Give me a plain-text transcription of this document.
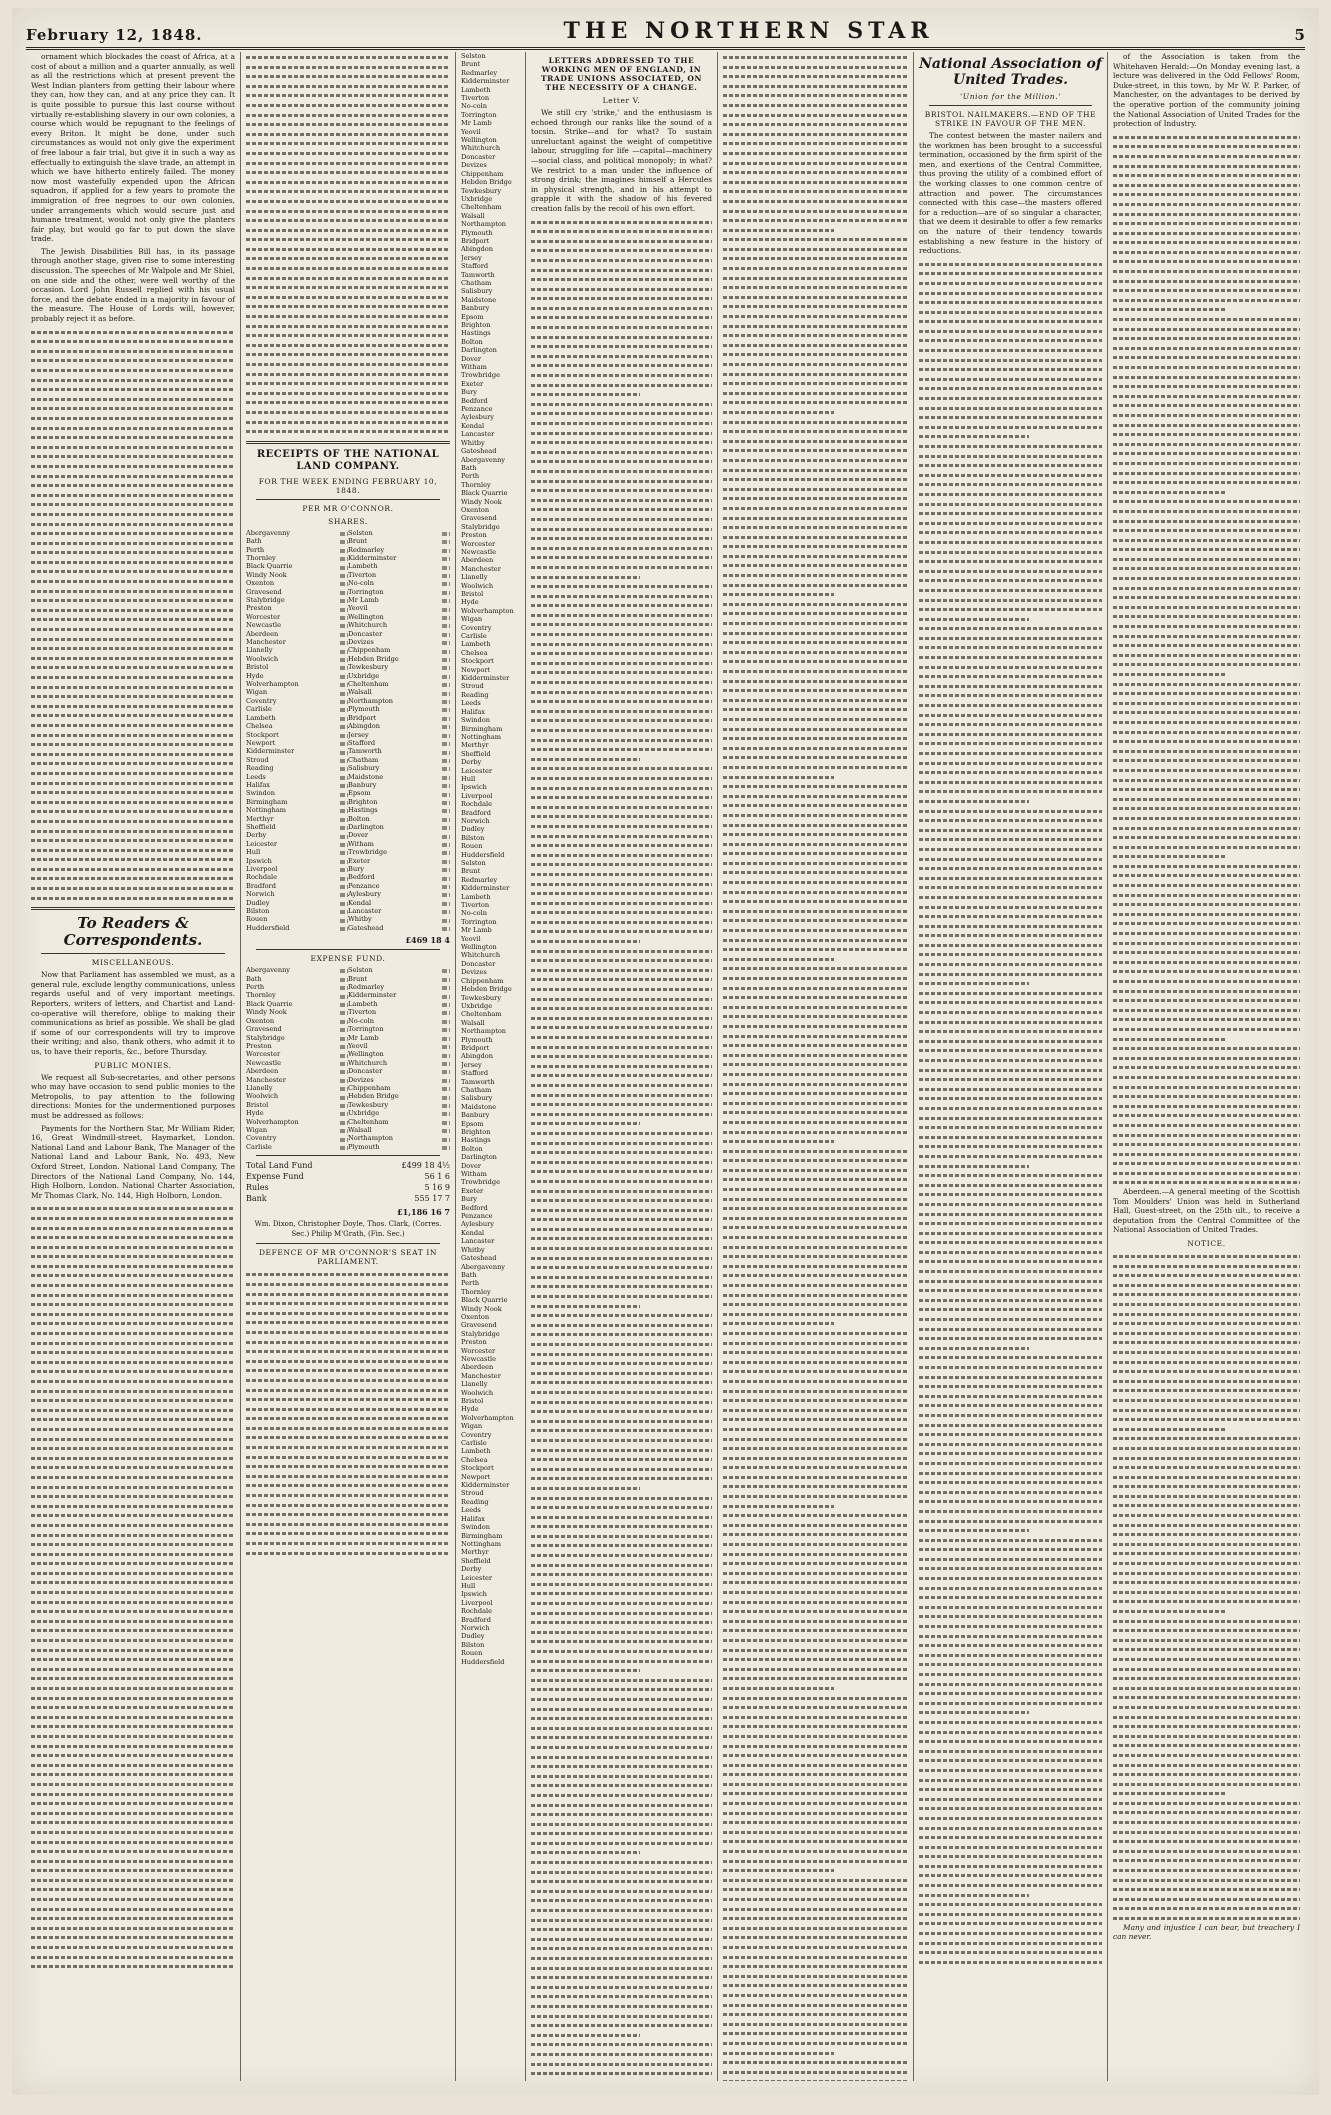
February 12, 1848.	THE NORTHERN STAR	5

ornament which blockades the coast of Africa, at a cost of about a million and a quarter annually, as well as all the restrictions which at present prevent the West Indian planters from getting their labour where they can, how they can, and at any price they can. It is quite possible to pursue this last course without virtually re-establishing slavery in our own colonies, a course which would be repugnant to the feelings of every Briton. It might be done, under such circumstances as would not only give the experiment of free labour a fair trial, but give it in such a way as effectually to extinguish the slave trade, an attempt in which we have hitherto entirely failed. The money now most wastefully expended upon the African squadron, if applied for a few years to promote the immigration of free negroes to our own colonies, under arrangements which would secure just and humane treatment, would not only give the planters fair play, but would go far to put down the slave trade.

The Jewish Disabilities Bill has, in its passage through another stage, given rise to some interesting discussion. The speeches of Mr Walpole and Mr Shiel, on one side and the other, were well worthy of the occasion. Lord John Russell replied with his usual force, and the debate ended in a majority in favour of the measure. The House of Lords will, however, probably reject it as before.

To Readers & Correspondents.
MISCELLANEOUS.

Now that Parliament has assembled we must, as a general rule, exclude lengthy communications, unless regards useful and of very important meetings. Reporters, writers of letters, and Chartist and Land-co-operative will therefore, oblige to making their communications as brief as possible. We shall be glad if some of our correspondents will try to improve their writing; and also, thank others, who admit it to us, to have their reports, &c., before Thursday.

PUBLIC MONIES.

We request all Sub-secretaries, and other persons who may have occasion to send public monies to the Metropolis, to pay attention to the following directions: Monies for the undermentioned purposes must be addressed as follows:

Payments for the Northern Star, Mr William Rider, 16, Great Windmill-street, Haymarket, London. National Land and Labour Bank, The Manager of the National Land and Labour Bank, No. 493, New Oxford Street, London. National Land Company, The Directors of the National Land Company, No. 144, High Holborn, London. National Charter Association, Mr Thomas Clark, No. 144, High Holborn, London.

RECEIPTS OF THE NATIONAL LAND COMPANY.
FOR THE WEEK ENDING FEBRUARY 10, 1848.
PER MR O'CONNOR.
SHARES.
Abergavenny		Selston	

Bath		Brunt	

Perth		Redmarley	

Thornley		Kidderminster	

Black Quarrie		Lambeth	

Windy Nook		Tiverton	

Oxenton		No-coln	

Gravesend		Torrington	

Stalybridge		Mr Lamb	

Preston		Yeovil	

Worcester		Wellington	

Newcastle		Whitchurch	

Aberdeen		Doncaster	

Manchester		Devizes	

Llanelly		Chippenham	

Woolwich		Hebden Bridge	

Bristol		Tewkesbury	

Hyde		Uxbridge	

Wolverhampton		Cheltenham	

Wigan		Walsall	

Coventry		Northampton	

Carlisle		Plymouth	

Lambeth		Bridport	

Chelsea		Abingdon	

Stockport		Jersey	

Newport		Stafford	

Kidderminster		Tamworth	

Stroud		Chatham	

Reading		Salisbury	

Leeds		Maidstone	

Halifax		Banbury	

Swindon		Epsom	

Birmingham		Brighton	

Nottingham		Hastings	

Merthyr		Bolton	

Sheffield		Darlington	

Derby		Dover	

Leicester		Witham	

Hull		Trowbridge	

Ipswich		Exeter	

Liverpool		Bury	

Rochdale		Bedford	

Bradford		Penzance	

Norwich		Aylesbury	

Dudley		Kendal	

Bilston		Lancaster	

Rouen		Whitby	

Huddersfield		Gateshead	
£469 18 4
EXPENSE FUND.
Abergavenny		Selston	

Bath		Brunt	

Perth		Redmarley	

Thornley		Kidderminster	

Black Quarrie		Lambeth	

Windy Nook		Tiverton	

Oxenton		No-coln	

Gravesend		Torrington	

Stalybridge		Mr Lamb	

Preston		Yeovil	

Worcester		Wellington	

Newcastle		Whitchurch	

Aberdeen		Doncaster	

Manchester		Devizes	

Llanelly		Chippenham	

Woolwich		Hebden Bridge	

Bristol		Tewkesbury	

Hyde		Uxbridge	

Wolverhampton		Cheltenham	

Wigan		Walsall	

Coventry		Northampton	

Carlisle		Plymouth	
Total Land Fund	£499 18 4½
Expense Fund	56 1 6
Rules	5 16 9
Bank	555 17 7
£1,186 16 7

Wm. Dixon, Christopher Doyle, Thos. Clark, (Corres. Sec.) Philip M'Grath, (Fin. Sec.)

DEFENCE OF MR O'CONNOR'S SEAT IN PARLIAMENT.

Selston
Brunt
Redmarley
Kidderminster
Lambeth
Tiverton
No-coln
Torrington
Mr Lamb
Yeovil
Wellington
Whitchurch
Doncaster
Devizes
Chippenham
Hebden Bridge
Tewkesbury
Uxbridge
Cheltenham
Walsall
Northampton
Plymouth
Bridport
Abingdon
Jersey
Stafford
Tamworth
Chatham
Salisbury
Maidstone
Banbury
Epsom
Brighton
Hastings
Bolton
Darlington
Dover
Witham
Trowbridge
Exeter
Bury
Bedford
Penzance
Aylesbury
Kendal
Lancaster
Whitby
Gateshead
Abergavenny
Bath
Perth
Thornley
Black Quarrie
Windy Nook
Oxenton
Gravesend
Stalybridge
Preston
Worcester
Newcastle
Aberdeen
Manchester
Llanelly
Woolwich
Bristol
Hyde
Wolverhampton
Wigan
Coventry
Carlisle
Lambeth
Chelsea
Stockport
Newport
Kidderminster
Stroud
Reading
Leeds
Halifax
Swindon
Birmingham
Nottingham
Merthyr
Sheffield
Derby
Leicester
Hull
Ipswich
Liverpool
Rochdale
Bradford
Norwich
Dudley
Bilston
Rouen
Huddersfield
Selston
Brunt
Redmarley
Kidderminster
Lambeth
Tiverton
No-coln
Torrington
Mr Lamb
Yeovil
Wellington
Whitchurch
Doncaster
Devizes
Chippenham
Hebden Bridge
Tewkesbury
Uxbridge
Cheltenham
Walsall
Northampton
Plymouth
Bridport
Abingdon
Jersey
Stafford
Tamworth
Chatham
Salisbury
Maidstone
Banbury
Epsom
Brighton
Hastings
Bolton
Darlington
Dover
Witham
Trowbridge
Exeter
Bury
Bedford
Penzance
Aylesbury
Kendal
Lancaster
Whitby
Gateshead
Abergavenny
Bath
Perth
Thornley
Black Quarrie
Windy Nook
Oxenton
Gravesend
Stalybridge
Preston
Worcester
Newcastle
Aberdeen
Manchester
Llanelly
Woolwich
Bristol
Hyde
Wolverhampton
Wigan
Coventry
Carlisle
Lambeth
Chelsea
Stockport
Newport
Kidderminster
Stroud
Reading
Leeds
Halifax
Swindon
Birmingham
Nottingham
Merthyr
Sheffield
Derby
Leicester
Hull
Ipswich
Liverpool
Rochdale
Bradford
Norwich
Dudley
Bilston
Rouen
Huddersfield
LETTERS ADDRESSED TO THE WORKING MEN OF ENGLAND, IN TRADE UNIONS ASSOCIATED, ON THE NECESSITY OF A CHANGE.
Letter V.

We still cry 'strike,' and the enthusiasm is echoed through our ranks like the sound of a tocsin. Strike—and for what? To sustain unreluctant against the weight of competitive labour, struggling for life —capital—machinery—social class, and political monopoly; in what? We restrict to a man under the influence of strong drink; the imagines himself a Hercules in physical strength, and in his attempt to grapple it with the shadow of his fevered creation falls by the recoil of his own effort.

National Association of United Trades.
'Union for the Million.'
BRISTOL NAILMAKERS.—END OF THE STRIKE IN FAVOUR OF THE MEN.

The contest between the master nailers and the workmen has been brought to a successful termination, occasioned by the firm spirit of the men, and exertions of the Central Committee, thus proving the utility of a combined effort of the working classes to one common centre of attraction and power. The circumstances connected with this case—the masters offered for a reduction—are of so singular a character, that we deem it desirable to offer a few remarks on the nature of their tendency towards establishing a new feature in the history of reductions.

of the Association is taken from the Whitehaven Herald:—On Monday evening last, a lecture was delivered in the Odd Fellows' Room, Duke-street, in this town, by Mr W. P. Parker, of Manchester, on the advantages to be derived by the operative portion of the community joining the National Association of United Trades for the protection of Industry.

Aberdeen.—A general meeting of the Scottish Tom Moulders' Union was held in Sutherland Hall, Guest-street, on the 25th ult., to receive a deputation from the Central Committee of the National Association of United Trades.

NOTICE.

Many and injustice I can bear, but treachery I can never.
